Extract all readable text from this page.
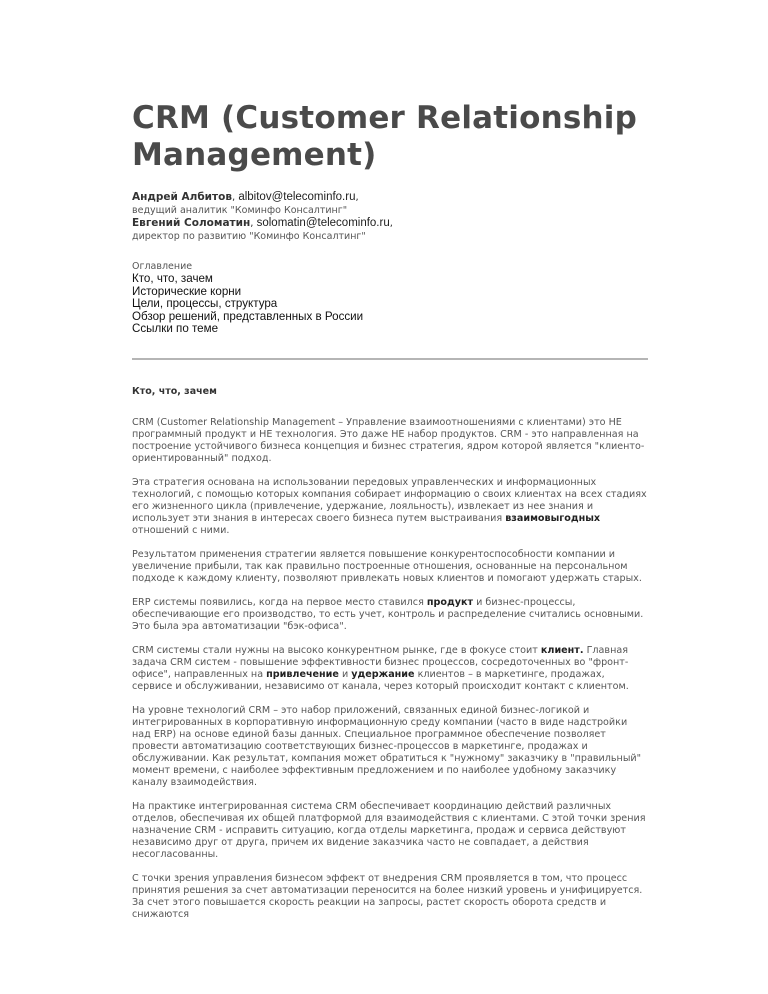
CRM (Customer Relationship Management)
Андрей Албитов, albitov@telecominfo.ru,
ведущий аналитик "Коминфо Консалтинг"
Евгений Соломатин, solomatin@telecominfo.ru,
директор по развитию "Коминфо Консалтинг"
Оглавление
Кто, что, зачем
Исторические корни
Цели, процессы, структура
Обзор решений, представленных в России
Ссылки по теме
Кто, что, зачем

CRM (Customer Relationship Management – Управление взаимоотношениями с клиентами) это НЕ программный продукт и НЕ технология. Это даже НЕ набор продуктов. CRM - это направленная на построение устойчивого бизнеса концепция и бизнес стратегия, ядром которой является "клиенто-ориентированный" подход.

Эта стратегия основана на использовании передовых управленческих и информационных технологий, с помощью которых компания собирает информацию о своих клиентах на всех стадиях его жизненного цикла (привлечение, удержание, лояльность), извлекает из нее знания и использует эти знания в интересах своего бизнеса путем выстраивания взаимовыгодных отношений с ними.

Результатом применения стратегии является повышение конкурентоспособности компании и увеличение прибыли, так как правильно построенные отношения, основанные на персональном подходе к каждому клиенту, позволяют привлекать новых клиентов и помогают удержать старых.

ERP системы появились, когда на первое место ставился продукт и бизнес-процессы, обеспечивающие его производство, то есть учет, контроль и распределение считались основными. Это была эра автоматизации "бэк-офиса".

CRM системы стали нужны на высоко конкурентном рынке, где в фокусе стоит клиент. Главная задача CRM систем - повышение эффективности бизнес процессов, сосредоточенных во "фронт-офисе", направленных на привлечение и удержание клиентов – в маркетинге, продажах, сервисе и обслуживании, независимо от канала, через который происходит контакт с клиентом.

На уровне технологий CRM – это набор приложений, связанных единой бизнес-логикой и интегрированных в корпоративную информационную среду компании (часто в виде надстройки над ERP) на основе единой базы данных. Специальное программное обеспечение позволяет провести автоматизацию соответствующих бизнес-процессов в маркетинге, продажах и обслуживании. Как результат, компания может обратиться к "нужному" заказчику в "правильный" момент времени, с наиболее эффективным предложением и по наиболее удобному заказчику каналу взаимодействия.

На практике интегрированная система CRM обеспечивает координацию действий различных отделов, обеспечивая их общей платформой для взаимодействия с клиентами. С этой точки зрения назначение CRM - исправить ситуацию, когда отделы маркетинга, продаж и сервиса действуют независимо друг от друга, причем их видение заказчика часто не совпадает, а действия несогласованны.

С точки зрения управления бизнесом эффект от внедрения CRM проявляется в том, что процесс принятия решения за счет автоматизации переносится на более низкий уровень и унифицируется. За счет этого повышается скорость реакции на запросы, растет скорость оборота средств и снижаются
